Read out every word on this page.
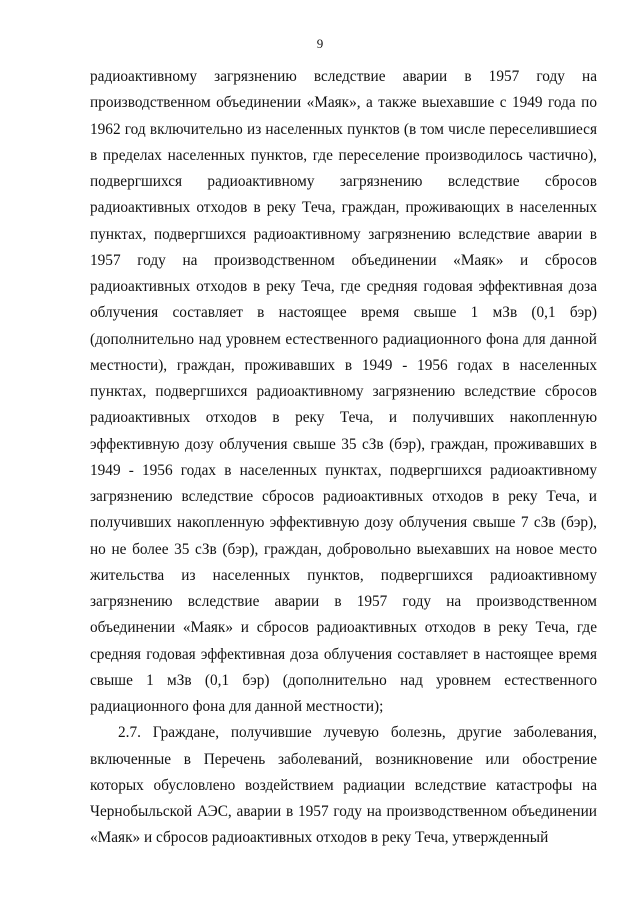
9

радиоактивному загрязнению вследствие аварии в 1957 году на производственном объединении «Маяк», а также выехавшие с 1949 года по 1962 год включительно из населенных пунктов (в том числе переселившиеся в пределах населенных пунктов, где переселение производилось частично), подвергшихся радиоактивному загрязнению вследствие сбросов радиоактивных отходов в реку Теча, граждан, проживающих в населенных пунктах, подвергшихся радиоактивному загрязнению вследствие аварии в 1957 году на производственном объединении «Маяк» и сбросов радиоактивных отходов в реку Теча, где средняя годовая эффективная доза облучения составляет в настоящее время свыше 1 мЗв (0,1 бэр) (дополнительно над уровнем естественного радиационного фона для данной местности), граждан, проживавших в 1949 - 1956 годах в населенных пунктах, подвергшихся радиоактивному загрязнению вследствие сбросов радиоактивных отходов в реку Теча, и получивших накопленную эффективную дозу облучения свыше 35 сЗв (бэр), граждан, проживавших в 1949 - 1956 годах в населенных пунктах, подвергшихся радиоактивному загрязнению вследствие сбросов радиоактивных отходов в реку Теча, и получивших накопленную эффективную дозу облучения свыше 7 сЗв (бэр), но не более 35 сЗв (бэр), граждан, добровольно выехавших на новое место жительства из населенных пунктов, подвергшихся радиоактивному загрязнению вследствие аварии в 1957 году на производственном объединении «Маяк» и сбросов радиоактивных отходов в реку Теча, где средняя годовая эффективная доза облучения составляет в настоящее время свыше 1 мЗв (0,1 бэр) (дополнительно над уровнем естественного радиационного фона для данной местности);

2.7. Граждане, получившие лучевую болезнь, другие заболевания, включенные в Перечень заболеваний, возникновение или обострение которых обусловлено воздействием радиации вследствие катастрофы на Чернобыльской АЭС, аварии в 1957 году на производственном объединении «Маяк» и сбросов радиоактивных отходов в реку Теча, утвержденный
